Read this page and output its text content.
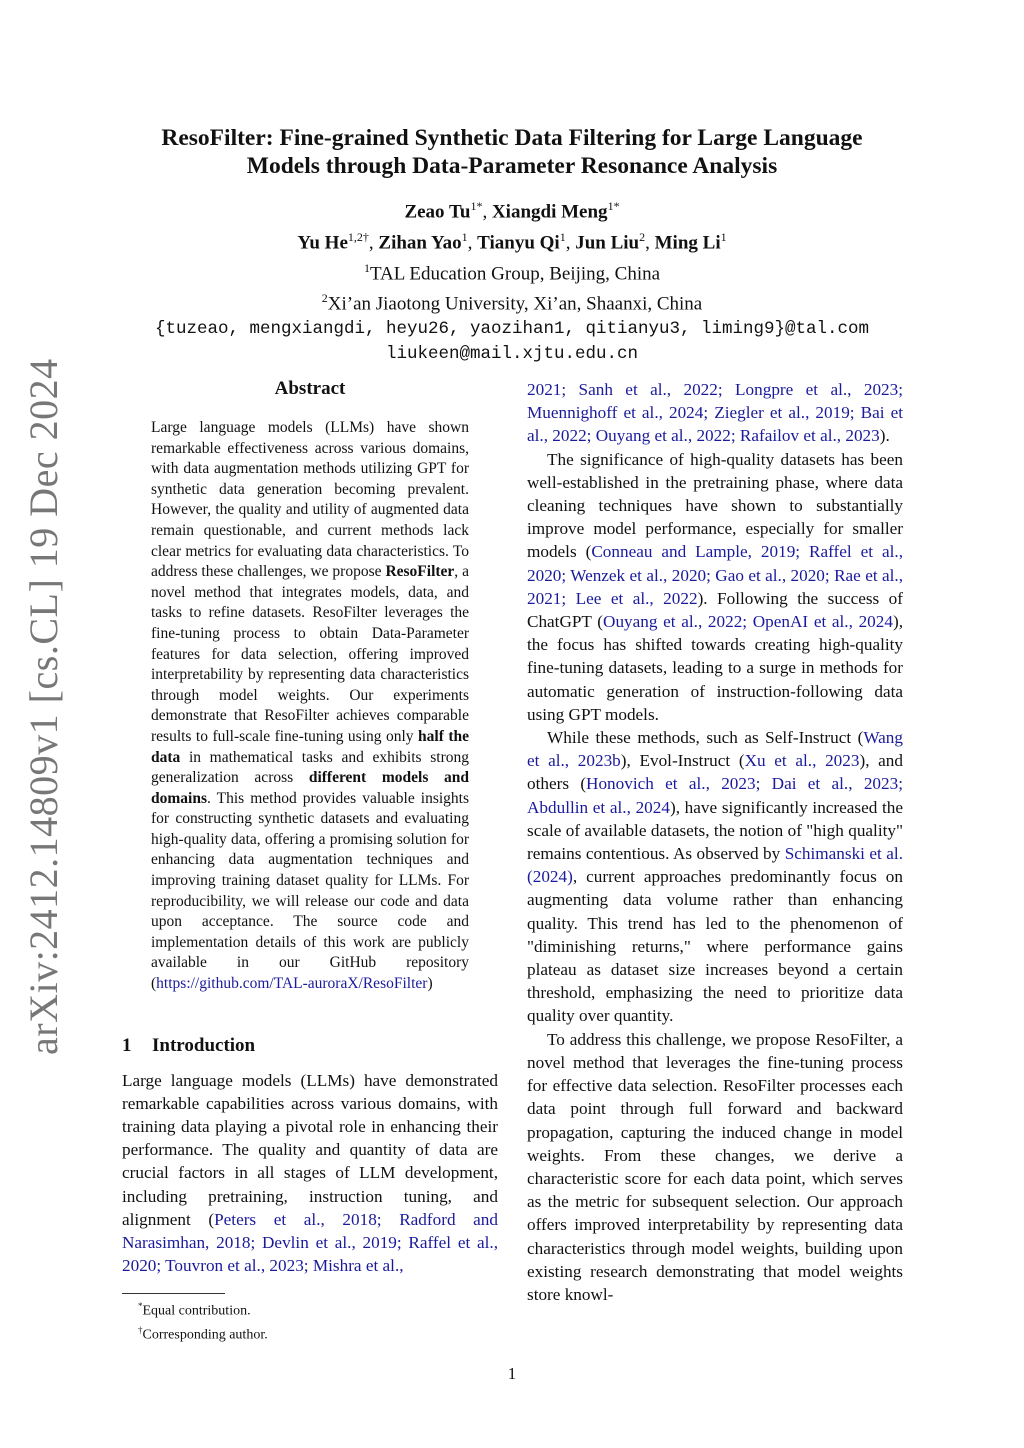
arXiv:2412.14809v1 [cs.CL] 19 Dec 2024
ResoFilter: Fine-grained Synthetic Data Filtering for Large Language
Models through Data-Parameter Resonance Analysis
Zeao $Tu^{1*}$, Xiangdi Meng$^{1*}$
Yu $He^{1,2\dagger}$, Zihan Yao$^1$, Tianyu Qi$^1$, Jun Liu$^2$, Ming Li$^1$
$^1$TAL Education Group, Beijing, China
$^2$Xi’an Jiaotong University, Xi’an, Shaanxi, China
{tuzeao, mengxiangdi, heyu26, yaozihan1, qitianyu3, liming9}@tal.com
liukeen@mail.xjtu.edu.cn
Abstract
Large language models (LLMs) have shown remarkable effectiveness across various domains, with data augmentation methods utilizing GPT for synthetic data generation becoming prevalent. However, the quality and utility of augmented data remain questionable, and current methods lack clear metrics for evaluating data characteristics. To address these challenges, we propose ResoFilter, a novel method that integrates models, data, and tasks to refine datasets. ResoFilter leverages the fine-tuning process to obtain Data-Parameter features for data selection, offering improved interpretability by representing data characteristics through model weights. Our experiments demonstrate that ResoFilter achieves comparable results to full-scale fine-tuning using only half the data in mathematical tasks and exhibits strong generalization across different models and domains. This method provides valuable insights for constructing synthetic datasets and evaluating high-quality data, offering a promising solution for enhancing data augmentation techniques and improving training dataset quality for LLMs. For reproducibility, we will release our code and data upon acceptance. The source code and implementation details of this work are publicly available in our GitHub repository (https://github.com/TAL-auroraX/ResoFilter)
1 Introduction

Large language models (LLMs) have demonstrated remarkable capabilities across various domains, with training data playing a pivotal role in enhancing their performance. The quality and quantity of data are crucial factors in all stages of LLM development, including pretraining, instruction tuning, and alignment (Peters et al., 2018; Radford and Narasimhan, 2018; Devlin et al., 2019; Raffel et al., 2020; Touvron et al., 2023; Mishra et al.,

2021; Sanh et al., 2022; Longpre et al., 2023; Muennighoff et al., 2024; Ziegler et al., 2019; Bai et al., 2022; Ouyang et al., 2022; Rafailov et al., 2023).

The significance of high-quality datasets has been well-established in the pretraining phase, where data cleaning techniques have shown to substantially improve model performance, especially for smaller models (Conneau and Lample, 2019; Raffel et al., 2020; Wenzek et al., 2020; Gao et al., 2020; Rae et al., 2021; Lee et al., 2022). Following the success of ChatGPT (Ouyang et al., 2022; OpenAI et al., 2024), the focus has shifted towards creating high-quality fine-tuning datasets, leading to a surge in methods for automatic generation of instruction-following data using GPT models.

While these methods, such as Self-Instruct (Wang et al., 2023b), Evol-Instruct (Xu et al., 2023), and others (Honovich et al., 2023; Dai et al., 2023; Abdullin et al., 2024), have significantly increased the scale of available datasets, the notion of "high quality" remains contentious. As observed by Schimanski et al. (2024), current approaches predominantly focus on augmenting data volume rather than enhancing quality. This trend has led to the phenomenon of "diminishing returns," where performance gains plateau as dataset size increases beyond a certain threshold, emphasizing the need to prioritize data quality over quantity.

To address this challenge, we propose ResoFilter, a novel method that leverages the fine-tuning process for effective data selection. ResoFilter processes each data point through full forward and backward propagation, capturing the induced change in model weights. From these changes, we derive a characteristic score for each data point, which serves as the metric for subsequent selection. Our approach offers improved interpretability by representing data characteristics through model weights, building upon existing research demonstrating that model weights store knowl-

*Equal contribution.
†Corresponding author.
1
